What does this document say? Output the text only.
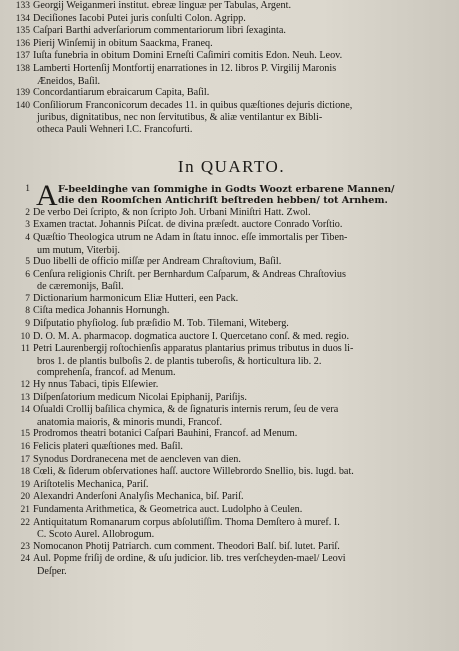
133 Georgij Weiganmeri institut. ebreæ linguæ per Tabulas, Argent.
134 Deciſiones Iacobi Putei juris conſulti Colon. Agripp.
135 Caſpari Barthi adverſariorum commentariorum libri ſexaginta.
136 Pierij Winſemij in obitum Saackma, Franeq.
137 Iuſta funebria in obitum Domini Erneſti Caſimiri comitis Edon. Neuh. Leov.
138 Lamberti Hortenſij Montfortij enarrationes in 12. libros P. Virgilij Maronis
Æneidos, Baſil.
139 Concordantiarum ebraicarum Capita, Baſil.
140 Conſiliorum Franconicorum decades 11. in quibus quæſtiones dejuris dictione,
juribus, dignitatibus, nec non ſervitutibus, & aliæ ventilantur ex Bibli-
otheca Pauli Wehneri I.C. Francofurti.
In QUARTO.
1 A F-beeldinghe van ſommighe in Godts Woozt erbarene Mannen/
die den Roomſchen Antichriſt beſtreden hebben/ tot Arnhem.
2 De verbo Dei ſcripto, & non ſcripto Joh. Urbani Miniſtri Hatt. Zwol.
3 Examen tractat. Johannis Piſcat. de divina præſedt. auctore Conrado Vorſtio.
4 Quæſtio Theologica utrum ne Adam in ſtatu innoc. eſſe immortalis per Tiben-
um mutum, Viterbij.
5 Duo libelli de officio miſſæ per Andream Chraſtovium, Baſil.
6 Cenſura religionis Chriſt. per Bernhardum Caſparum, & Andreas Chraſtovius
de cæremonijs, Baſil.
7 Dictionarium harmonicum Eliæ Hutteri, een Pack.
8 Ciſta medica Johannis Hornungh.
9 Diſputatio phyſiolog. ſub præſidio M. Tob. Tilemani, Witeberg.
10 D. O. M. A. pharmacop. dogmatica auctore I. Quercetano conſ. & med. regio.
11 Petri Laurenbergij roſtochienſis apparatus plantarius primus tributus in duos li-
bros 1. de plantis bulboſis 2. de plantis tuberoſis, & horticultura lib. 2.
comprehenſa, francof. ad Menum.
12 Hy nnus Tabaci, tipis Elſewier.
13 Diſpenſatorium medicum Nicolai Epiphanij, Pariſijs.
14 Oſualdi Crollij baſilica chymica, & de ſignaturis internis rerum, ſeu de vera
anatomia maioris, & minoris mundi, Francof.
15 Prodromos theatri botanici Caſpari Bauhini, Francof. ad Menum.
16 Felicis plateri quæſtiones med. Baſil.
17 Synodus Dordranecena met de aencleven van dien.
18 Cœli, & ſiderum obſervationes haſſ. auctore Willebrordo Snellio, bis. lugd. bat.
19 Ariſtotelis Mechanica, Pariſ.
20 Alexandri Anderſoni Analyſis Mechanica, biſ. Pariſ.
21 Fundamenta Arithmetica, & Geometrica auct. Ludolpho à Ceulen.
22 Antiquitatum Romanarum corpus abſolutiſſim. Thoma Demſtero à muref. I.
C. Scoto Aurel. Allobrogum.
23 Nomocanon Photij Patriarch. cum comment. Theodori Balſ. biſ. lutet. Pariſ.
24 Aul. Popme friſij de ordine, & uſu judicior. lib. tres verſcheyden-mael/ Leovi
Deſper.
